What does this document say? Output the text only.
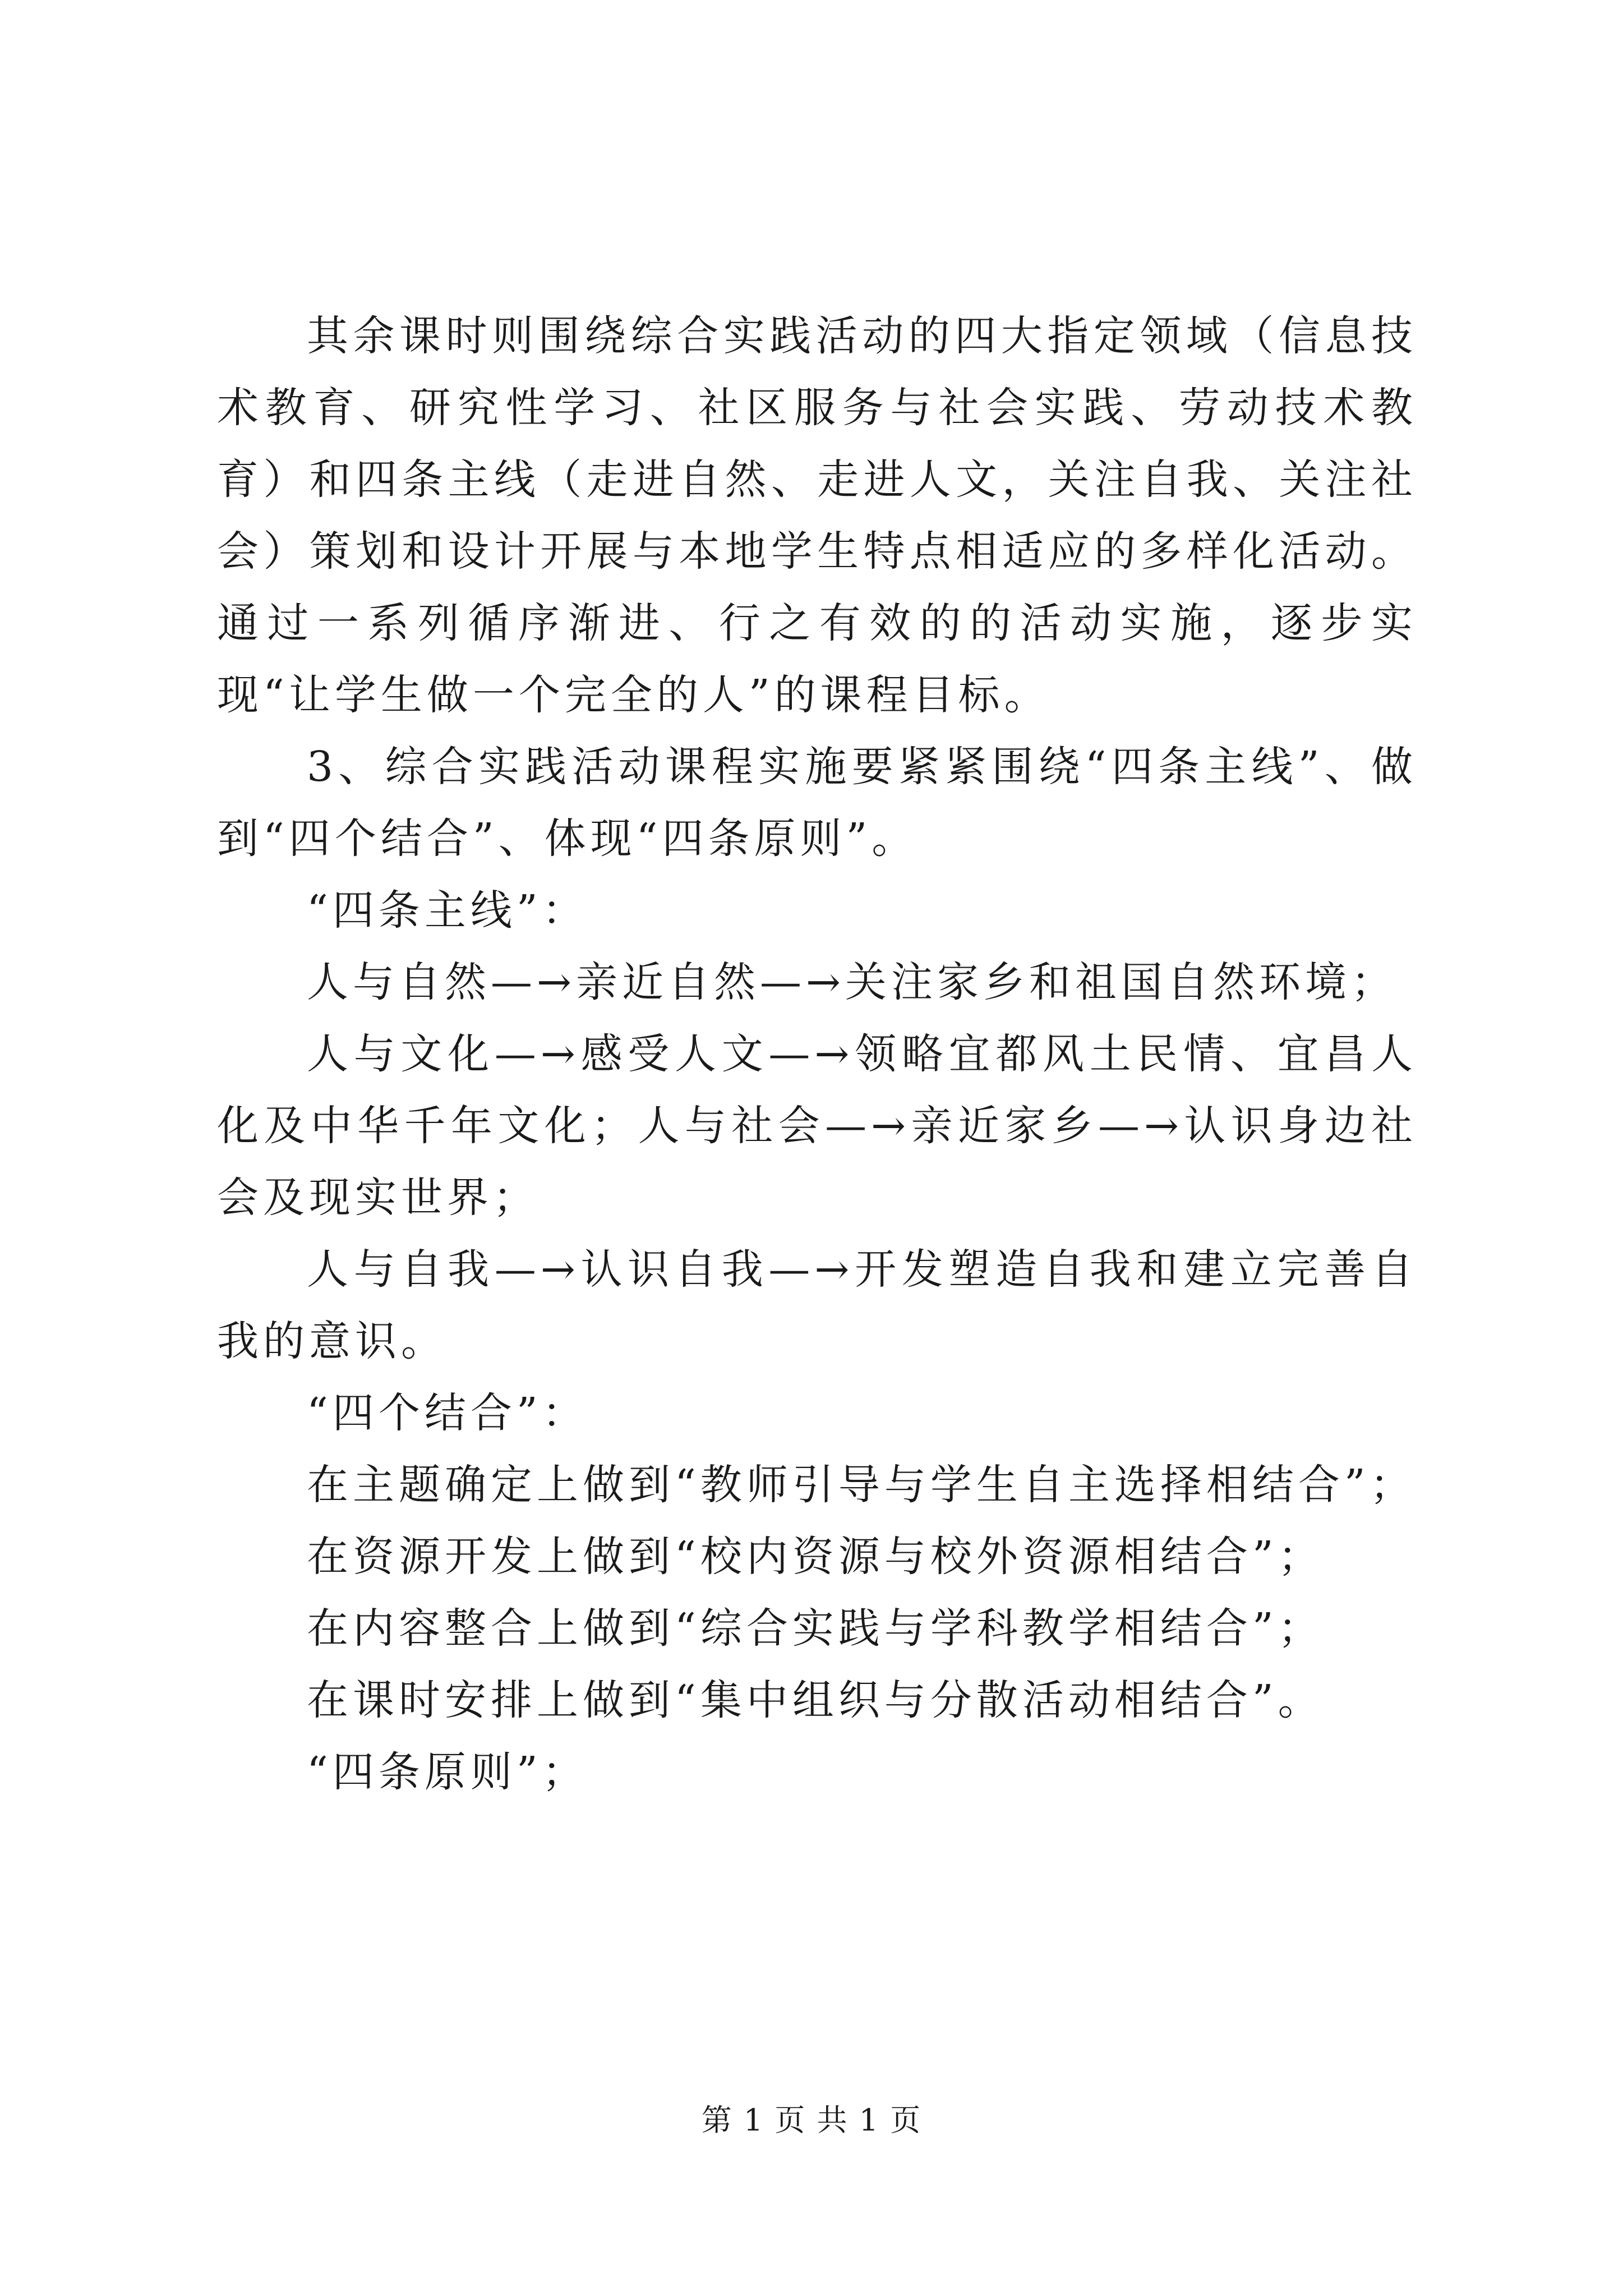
其余课时则围绕综合实践活动的四大指定领域（信息技术教育、研究性学习、社区服务与社会实践、劳动技术教育）和四条主线（走进自然、走进人文，关注自我、关注社会）策划和设计开展与本地学生特点相适应的多样化活动。通过一系列循序渐进、行之有效的的活动实施，逐步实现“让学生做一个完全的人”的课程目标。

3、综合实践活动课程实施要紧紧围绕“四条主线”、做到“四个结合”、体现“四条原则”。

“四条主线”：

人与自然—→亲近自然—→关注家乡和祖国自然环境；

人与文化—→感受人文—→领略宜都风土民情、宜昌人化及中华千年文化；人与社会—→亲近家乡—→认识身边社会及现实世界；

人与自我—→认识自我—→开发塑造自我和建立完善自我的意识。

“四个结合”：

在主题确定上做到“教师引导与学生自主选择相结合”；

在资源开发上做到“校内资源与校外资源相结合”；

在内容整合上做到“综合实践与学科教学相结合”；

在课时安排上做到“集中组织与分散活动相结合”。

“四条原则”；

第 1 页 共 1 页
